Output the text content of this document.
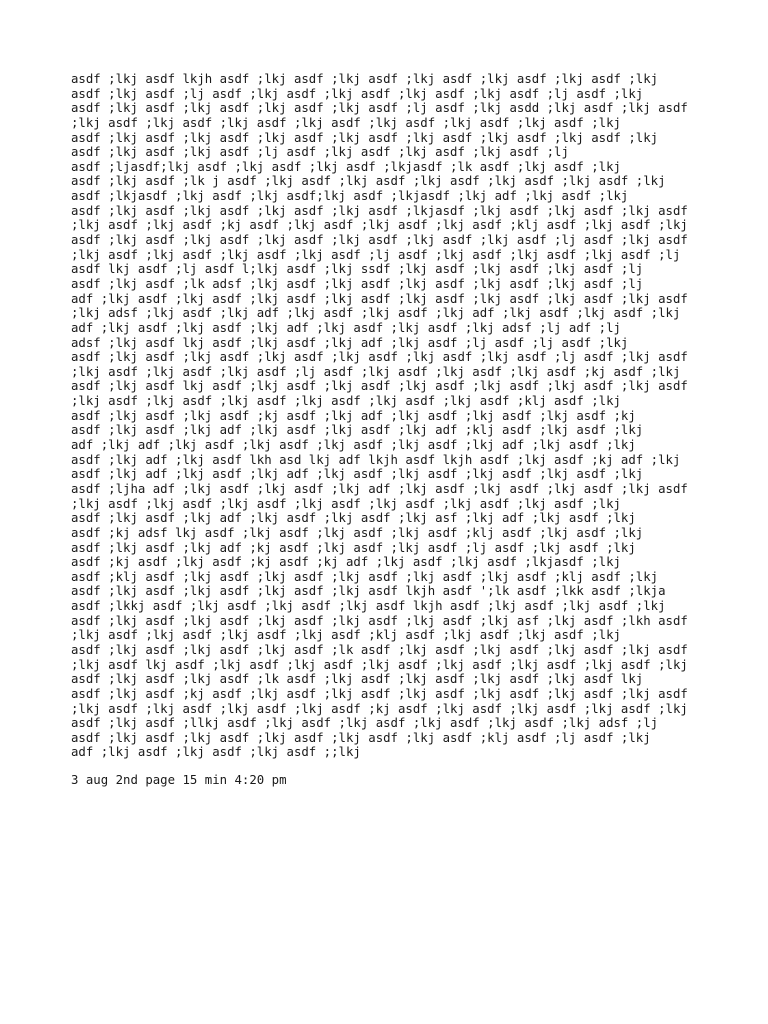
asdf ;lkj asdf lkjh asdf ;lkj asdf ;lkj asdf ;lkj asdf ;lkj asdf ;lkj asdf ;lkj
asdf ;lkj asdf ;lj asdf ;lkj asdf ;lkj asdf ;lkj asdf ;lkj asdf ;lj asdf ;lkj
asdf ;lkj asdf ;lkj asdf ;lkj asdf ;lkj asdf ;lj asdf ;lkj asdd ;lkj asdf ;lkj asdf
;lkj asdf ;lkj asdf ;lkj asdf ;lkj asdf ;lkj asdf ;lkj asdf ;lkj asdf ;lkj
asdf ;lkj asdf ;lkj asdf ;lkj asdf ;lkj asdf ;lkj asdf ;lkj asdf ;lkj asdf ;lkj
asdf ;lkj asdf ;lkj asdf ;lj asdf ;lkj asdf ;lkj asdf ;lkj asdf ;lj
asdf ;ljasdf;lkj asdf ;lkj asdf ;lkj asdf ;lkjasdf ;lk asdf ;lkj asdf ;lkj
asdf ;lkj asdf ;lk j asdf ;lkj asdf ;lkj asdf ;lkj asdf ;lkj asdf ;lkj asdf ;lkj
asdf ;lkjasdf ;lkj asdf ;lkj asdf;lkj asdf ;lkjasdf ;lkj adf ;lkj asdf ;lkj
asdf ;lkj asdf ;lkj asdf ;lkj asdf ;lkj asdf ;lkjasdf ;lkj asdf ;lkj asdf ;lkj asdf
;lkj asdf ;lkj asdf ;kj asdf ;lkj asdf ;lkj asdf ;lkj asdf ;klj asdf ;lkj asdf ;lkj
asdf ;lkj asdf ;lkj asdf ;lkj asdf ;lkj asdf ;lkj asdf ;lkj asdf ;lj asdf ;lkj asdf
;lkj asdf ;lkj asdf ;lkj asdf ;lkj asdf ;lj asdf ;lkj asdf ;lkj asdf ;lkj asdf ;lj
asdf lkj asdf ;lj asdf l;lkj asdf ;lkj ssdf ;lkj asdf ;lkj asdf ;lkj asdf ;lj
asdf ;lkj asdf ;lk adsf ;lkj asdf ;lkj asdf ;lkj asdf ;lkj asdf ;lkj asdf ;lj
adf ;lkj asdf ;lkj asdf ;lkj asdf ;lkj asdf ;lkj asdf ;lkj asdf ;lkj asdf ;lkj asdf
;lkj adsf ;lkj asdf ;lkj adf ;lkj asdf ;lkj asdf ;lkj adf ;lkj asdf ;lkj asdf ;lkj
adf ;lkj asdf ;lkj asdf ;lkj adf ;lkj asdf ;lkj asdf ;lkj adsf ;lj adf ;lj
adsf ;lkj asdf lkj asdf ;lkj asdf ;lkj adf ;lkj asdf ;lj asdf ;lj asdf ;lkj
asdf ;lkj asdf ;lkj asdf ;lkj asdf ;lkj asdf ;lkj asdf ;lkj asdf ;lj asdf ;lkj asdf
;lkj asdf ;lkj asdf ;lkj asdf ;lj asdf ;lkj asdf ;lkj asdf ;lkj asdf ;kj asdf ;lkj
asdf ;lkj asdf lkj asdf ;lkj asdf ;lkj asdf ;lkj asdf ;lkj asdf ;lkj asdf ;lkj asdf
;lkj asdf ;lkj asdf ;lkj asdf ;lkj asdf ;lkj asdf ;lkj asdf ;klj asdf ;lkj
asdf ;lkj asdf ;lkj asdf ;kj asdf ;lkj adf ;lkj asdf ;lkj asdf ;lkj asdf ;kj
asdf ;lkj asdf ;lkj adf ;lkj asdf ;lkj asdf ;lkj adf ;klj asdf ;lkj asdf ;lkj
adf ;lkj adf ;lkj asdf ;lkj asdf ;lkj asdf ;lkj asdf ;lkj adf ;lkj asdf ;lkj
asdf ;lkj adf ;lkj asdf lkh asd lkj adf lkjh asdf lkjh asdf ;lkj asdf ;kj adf ;lkj
asdf ;lkj adf ;lkj asdf ;lkj adf ;lkj asdf ;lkj asdf ;lkj asdf ;lkj asdf ;lkj
asdf ;ljha adf ;lkj asdf ;lkj asdf ;lkj adf ;lkj asdf ;lkj asdf ;lkj asdf ;lkj asdf
;lkj asdf ;lkj asdf ;lkj asdf ;lkj asdf ;lkj asdf ;lkj asdf ;lkj asdf ;lkj
asdf ;lkj asdf ;lkj adf ;lkj asdf ;lkj asdf ;lkj asf ;lkj adf ;lkj asdf ;lkj
asdf ;kj adsf lkj asdf ;lkj asdf ;lkj asdf ;lkj asdf ;klj asdf ;lkj asdf ;lkj
asdf ;lkj asdf ;lkj adf ;kj asdf ;lkj asdf ;lkj asdf ;lj asdf ;lkj asdf ;lkj
asdf ;kj asdf ;lkj asdf ;kj asdf ;kj adf ;lkj asdf ;lkj asdf ;lkjasdf ;lkj
asdf ;klj asdf ;lkj asdf ;lkj asdf ;lkj asdf ;lkj asdf ;lkj asdf ;klj asdf ;lkj
asdf ;lkj asdf ;lkj asdf ;lkj asdf ;lkj asdf lkjh asdf ';lk asdf ;lkk asdf ;lkja
asdf ;lkkj asdf ;lkj asdf ;lkj asdf ;lkj asdf lkjh asdf ;lkj asdf ;lkj asdf ;lkj
asdf ;lkj asdf ;lkj asdf ;lkj asdf ;lkj asdf ;lkj asdf ;lkj asf ;lkj asdf ;lkh asdf
;lkj asdf ;lkj asdf ;lkj asdf ;lkj asdf ;klj asdf ;lkj asdf ;lkj asdf ;lkj
asdf ;lkj asdf ;lkj asdf ;lkj asdf ;lk asdf ;lkj asdf ;lkj asdf ;lkj asdf ;lkj asdf
;lkj asdf lkj asdf ;lkj asdf ;lkj asdf ;lkj asdf ;lkj asdf ;lkj asdf ;lkj asdf ;lkj
asdf ;lkj asdf ;lkj asdf ;lk asdf ;lkj asdf ;lkj asdf ;lkj asdf ;lkj asdf lkj
asdf ;lkj asdf ;kj asdf ;lkj asdf ;lkj asdf ;lkj asdf ;lkj asdf ;lkj asdf ;lkj asdf
;lkj asdf ;lkj asdf ;lkj asdf ;lkj asdf ;kj asdf ;lkj asdf ;lkj asdf ;lkj asdf ;lkj
asdf ;lkj asdf ;llkj asdf ;lkj asdf ;lkj asdf ;lkj asdf ;lkj asdf ;lkj adsf ;lj
asdf ;lkj asdf ;lkj asdf ;lkj asdf ;lkj asdf ;lkj asdf ;klj asdf ;lj asdf ;lkj
adf ;lkj asdf ;lkj asdf ;lkj asdf ;;lkj
3 aug 2nd page 15 min 4:20 pm
